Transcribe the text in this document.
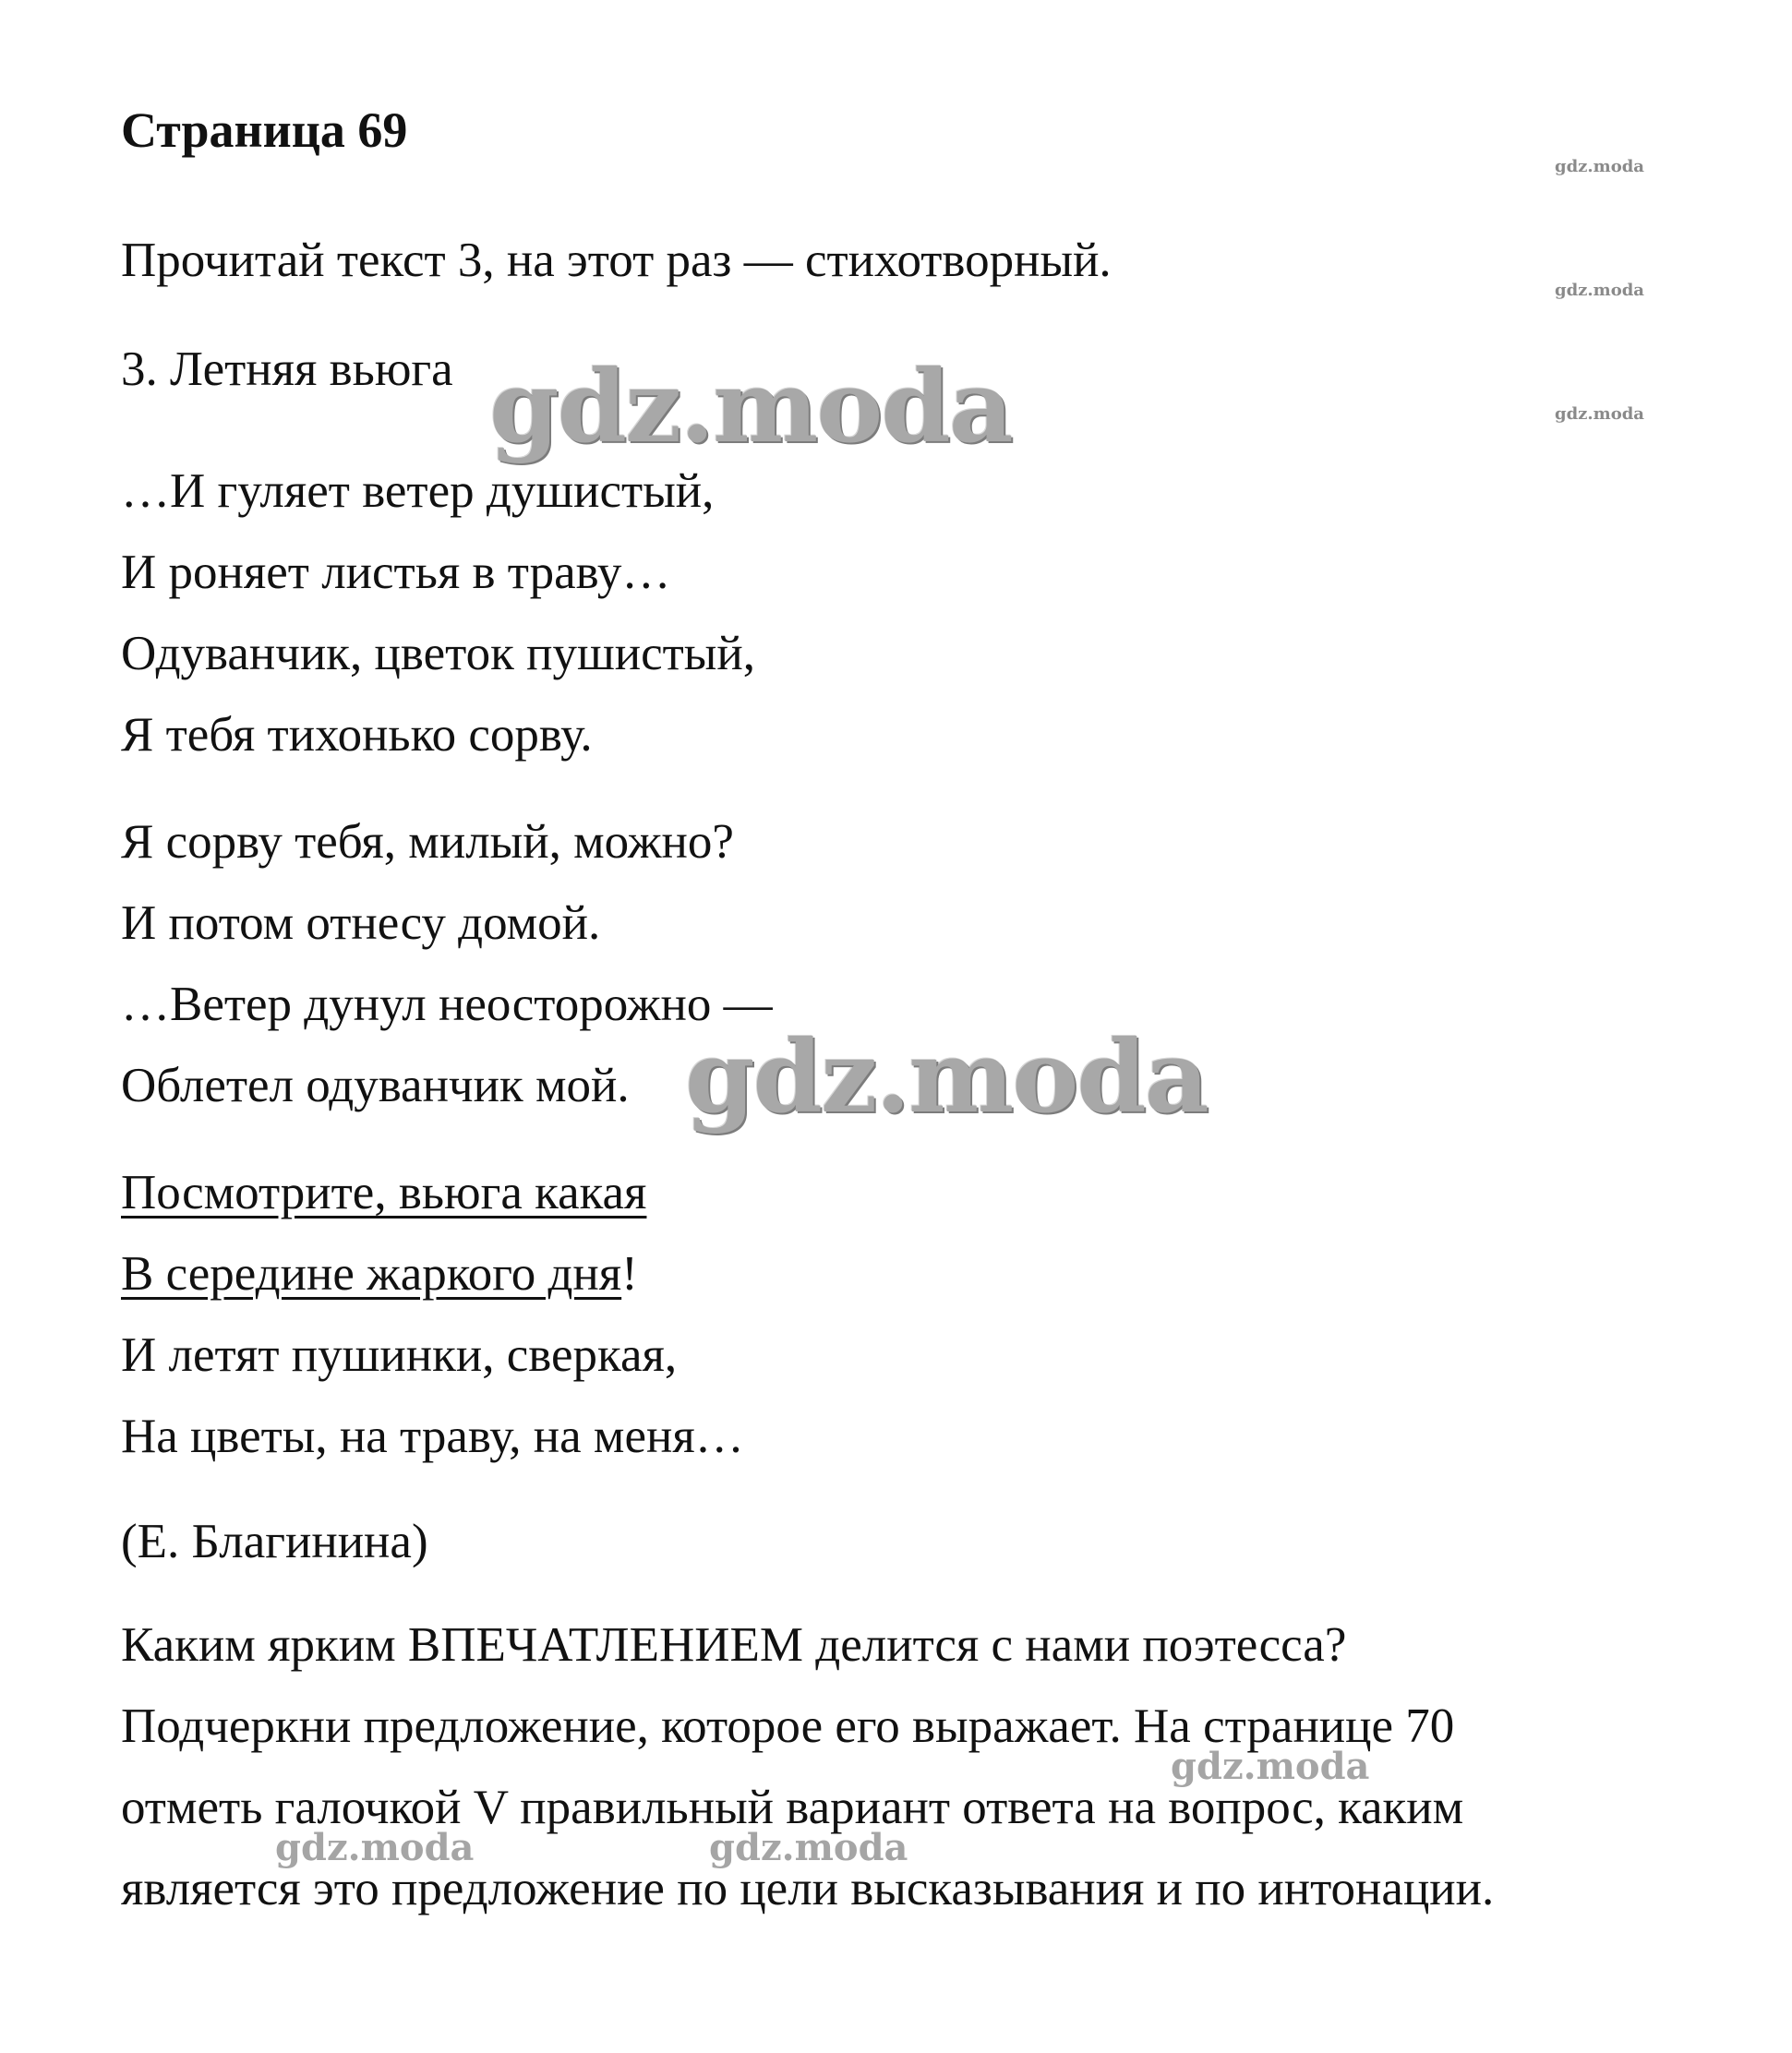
Страница 69
gdz.moda
gdz.moda
gdz.moda
Прочитай текст 3, на этот раз — стихотворный.
3. Летняя вьюга gdz.moda
…И гуляет ветер душистый,
И роняет листья в траву…
Одуванчик, цветок пушистый,
Я тебя тихонько сорву.
Я сорву тебя, милый, можно?
И потом отнесу домой.
…Ветер дунул неосторожно —
Облетел одуванчик мой. gdz.moda
Посмотрите, вьюга какая
В середине жаркого дня!
И летят пушинки, сверкая,
На цветы, на траву, на меня…
(Е. Благинина)
Каким ярким ВПЕЧАТЛЕНИЕМ делится с нами поэтесса?
Подчеркни предложение, которое его выражает. На странице 70
gdz.moda
отметь галочкой V правильный вариант ответа на вопрос, каким
gdz.moda	gdz.moda
является это предложение по цели высказывания и по интонации.
